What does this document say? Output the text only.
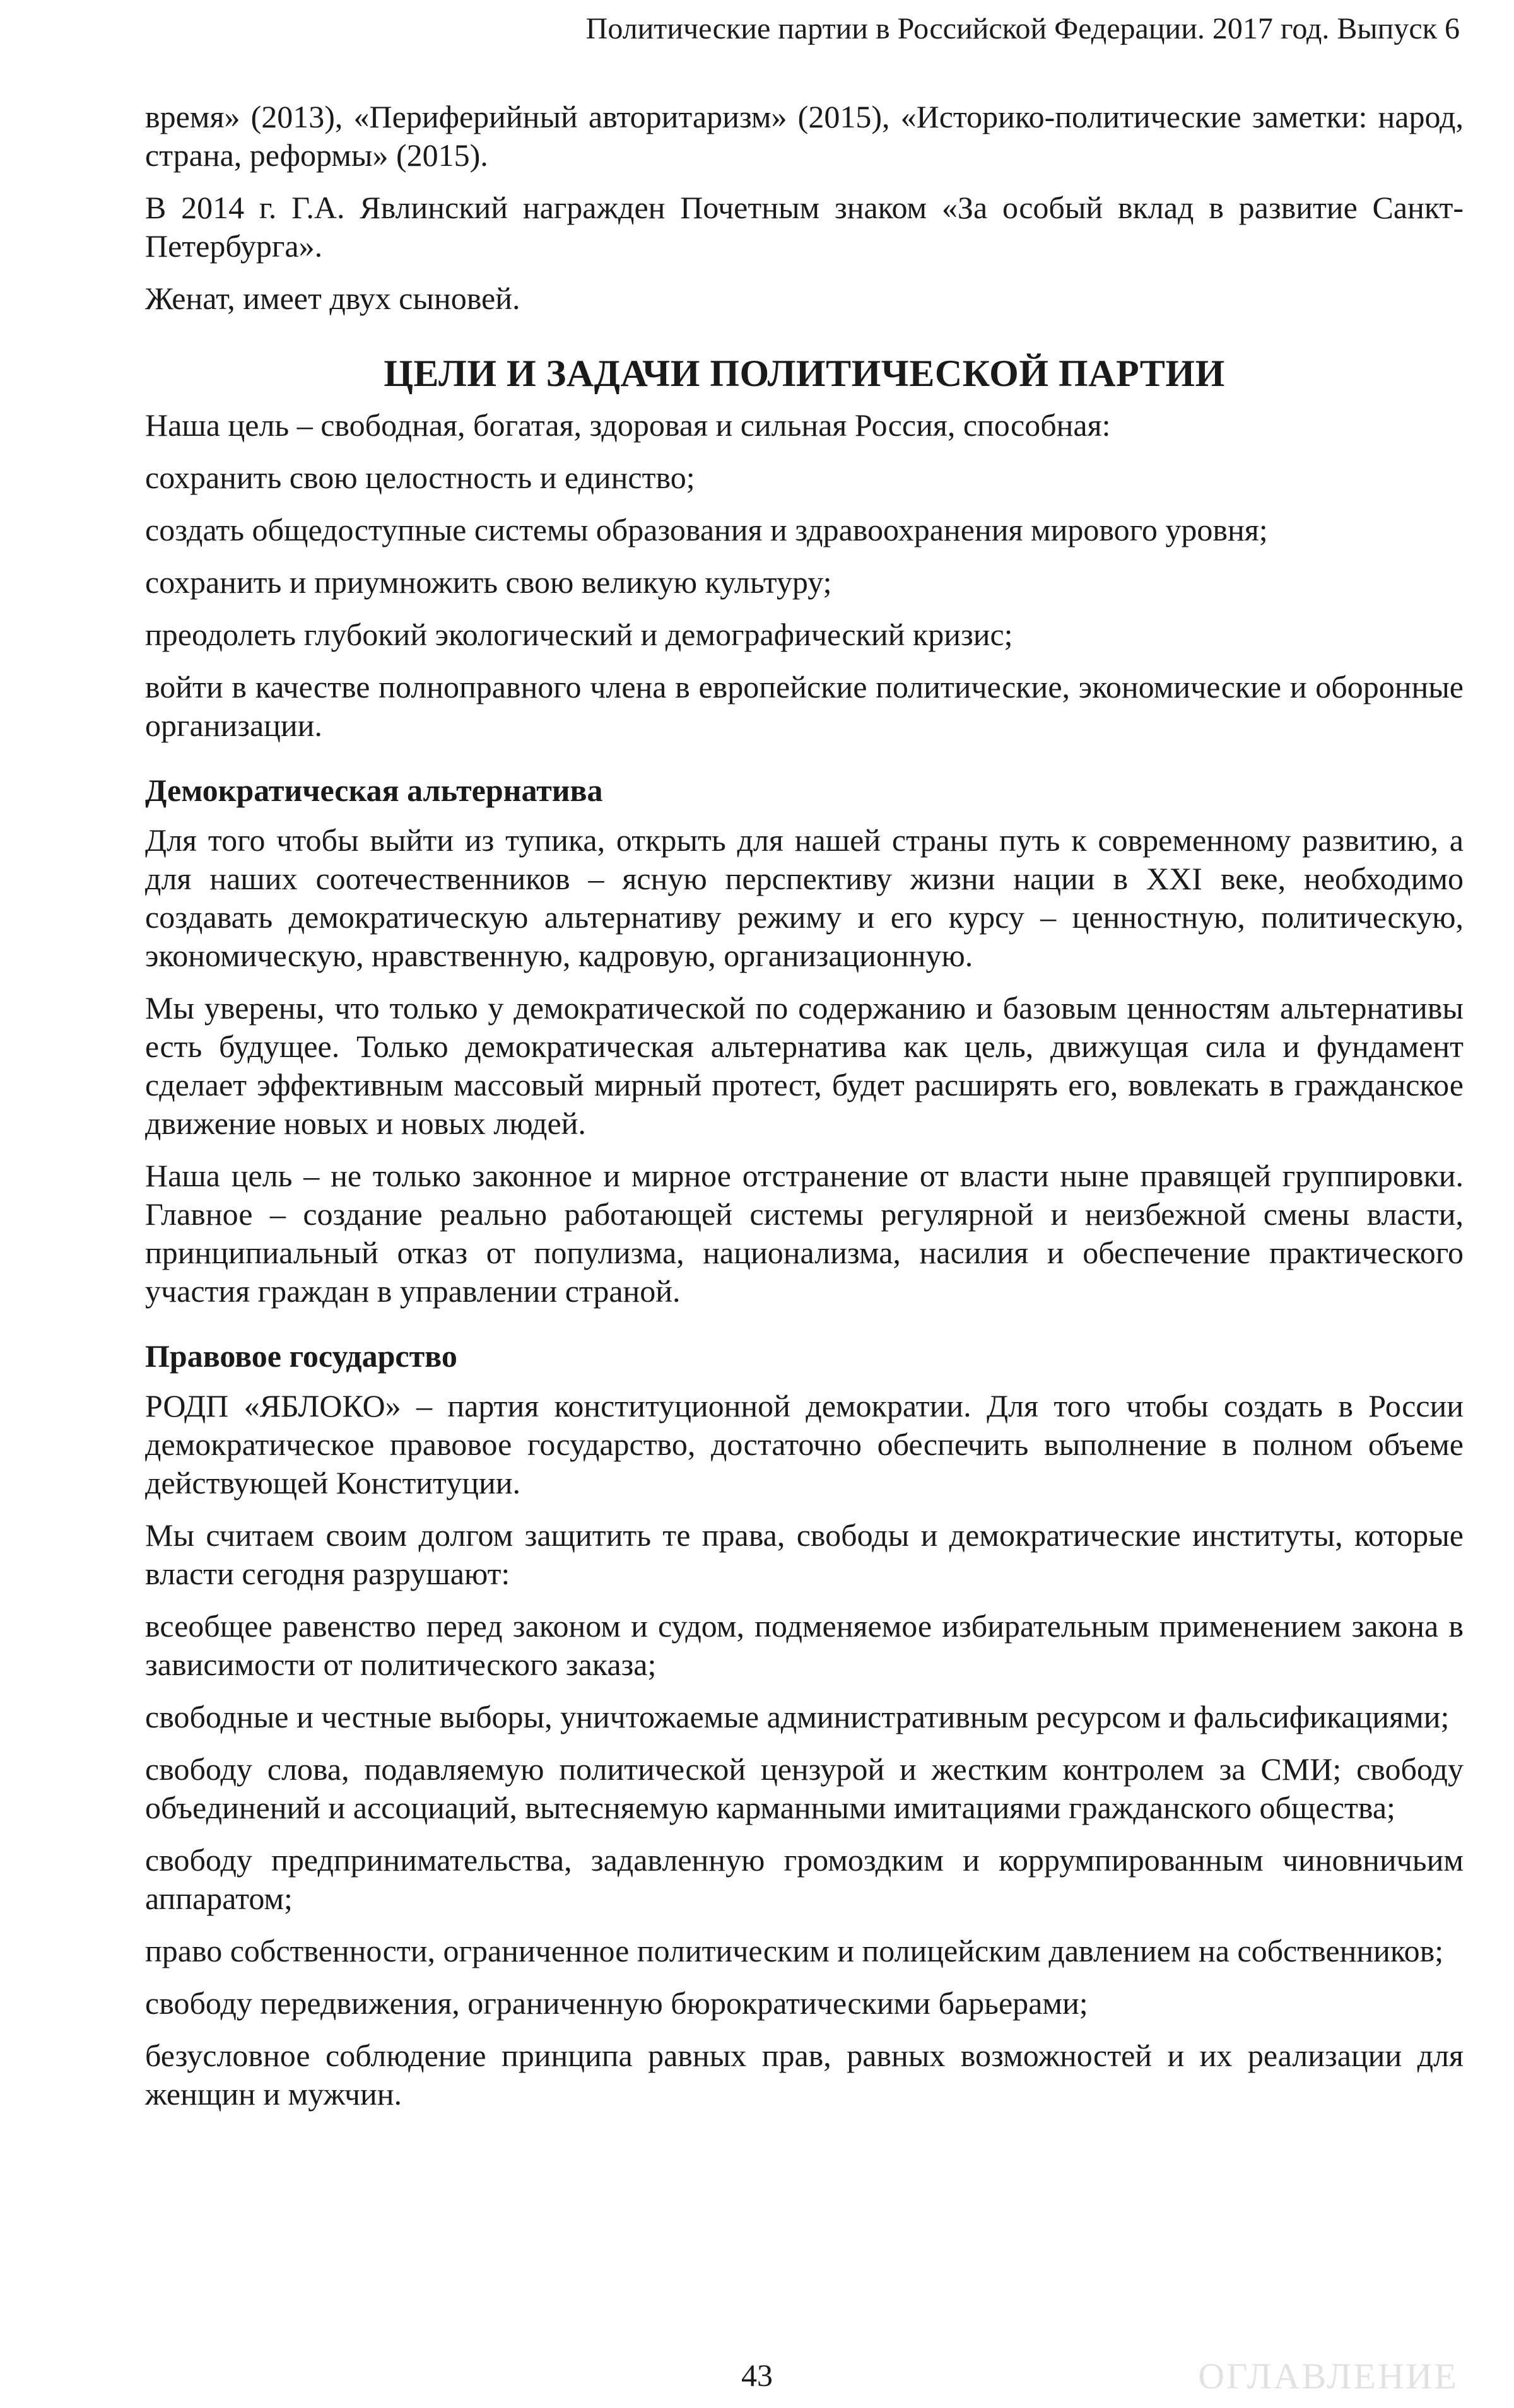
Политические партии в Российской Федерации. 2017 год. Выпуск 6

время» (2013), «Периферийный авторитаризм» (2015), «Историко-политические заметки: народ, страна, реформы» (2015).

В 2014 г. Г.А. Явлинский награжден Почетным знаком «За особый вклад в развитие Санкт-Петербурга».

Женат, имеет двух сыновей.

ЦЕЛИ И ЗАДАЧИ ПОЛИТИЧЕСКОЙ ПАРТИИ

Наша цель – свободная, богатая, здоровая и сильная Россия, способная:

сохранить свою целостность и единство;

создать общедоступные системы образования и здравоохранения мирового уровня;

сохранить и приумножить свою великую культуру;

преодолеть глубокий экологический и демографический кризис;

войти в качестве полноправного члена в европейские политические, экономические и оборонные организации.

Демократическая альтернатива

Для того чтобы выйти из тупика, открыть для нашей страны путь к современному развитию, а для наших соотечественников – ясную перспективу жизни нации в XXI веке, необходимо создавать демократическую альтернативу режиму и его курсу – ценностную, политическую, экономическую, нравственную, кадровую, организационную.

Мы уверены, что только у демократической по содержанию и базовым ценностям альтернативы есть будущее. Только демократическая альтернатива как цель, движущая сила и фундамент сделает эффективным массовый мирный протест, будет расширять его, вовлекать в гражданское движение новых и новых людей.

Наша цель – не только законное и мирное отстранение от власти ныне правящей группировки. Главное – создание реально работающей системы регулярной и неизбежной смены власти, принципиальный отказ от популизма, национализма, насилия и обеспечение практического участия граждан в управлении страной.

Правовое государство

РОДП «ЯБЛОКО» – партия конституционной демократии. Для того чтобы создать в России демократическое правовое государство, достаточно обеспечить выполнение в полном объеме действующей Конституции.

Мы считаем своим долгом защитить те права, свободы и демократические институты, которые власти сегодня разрушают:

всеобщее равенство перед законом и судом, подменяемое избирательным применением закона в зависимости от политического заказа;

свободные и честные выборы, уничтожаемые административным ресурсом и фальсификациями;

свободу слова, подавляемую политической цензурой и жестким контролем за СМИ; свободу объединений и ассоциаций, вытесняемую карманными имитациями гражданского общества;

свободу предпринимательства, задавленную громоздким и коррумпированным чиновничьим аппаратом;

право собственности, ограниченное политическим и полицейским давлением на собственников;

свободу передвижения, ограниченную бюрократическими барьерами;

безусловное соблюдение принципа равных прав, равных возможностей и их реализации для женщин и мужчин.

43	ОГЛАВЛЕНИЕ
